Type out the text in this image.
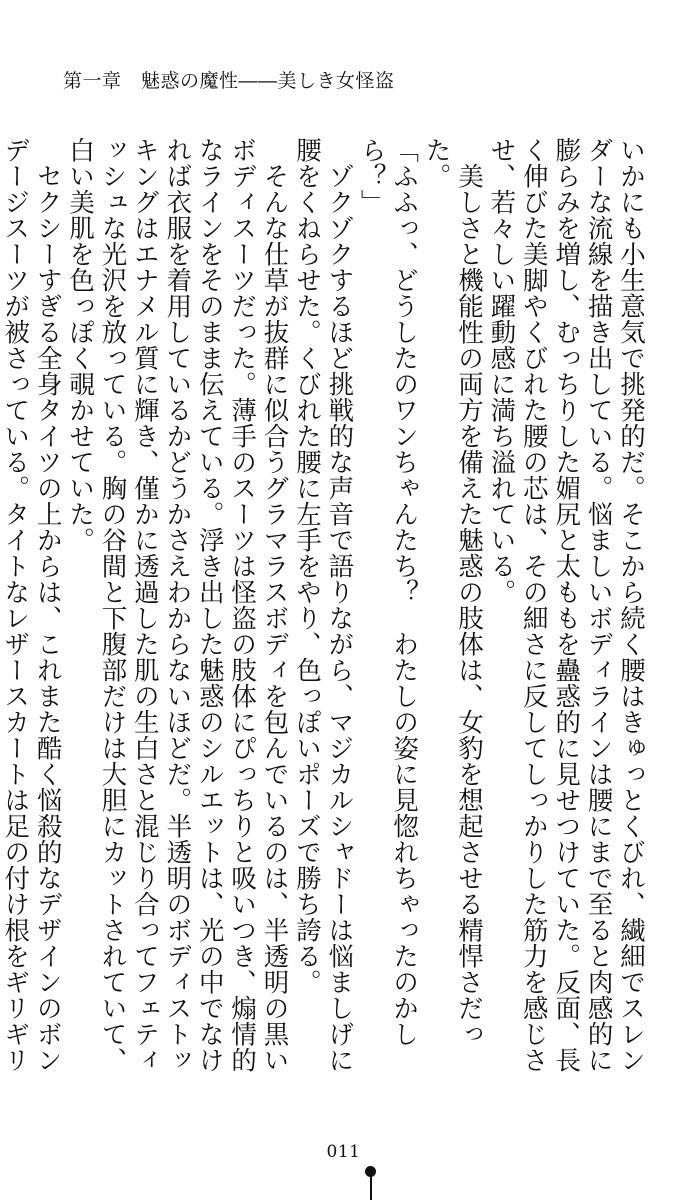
第一章　魅惑の魔性――美しき女怪盗

いかにも小生意気で挑発的だ。そこから続く腰はきゅっとくびれ、繊細でスレンダーな流線を描き出している。悩ましいボディラインは腰にまで至ると肉感的に膨らみを増し、むっちりした媚尻と太ももを蠱惑的に見せつけていた。反面、長く伸びた美脚やくびれた腰の芯は、その細さに反してしっかりした筋力を感じさせ、若々しい躍動感に満ち溢れている。

美しさと機能性の両方を備えた魅惑の肢体は、女豹を想起させる精悍さだった。

「ふふっ、どうしたのワンちゃんたち？　わたしの姿に見惚れちゃったのかしら？」

ゾクゾクするほど挑戦的な声音で語りながら、マジカルシャドーは悩ましげに腰をくねらせた。くびれた腰に左手をやり、色っぽいポーズで勝ち誇る。

そんな仕草が抜群に似合うグラマラスボディを包んでいるのは、半透明の黒いボディスーツだった。薄手のスーツは怪盗の肢体にぴっちりと吸いつき、煽情的なラインをそのまま伝えている。浮き出した魅惑のシルエットは、光の中でなければ衣服を着用しているかどうかさえわからないほどだ。半透明のボディストッキングはエナメル質に輝き、僅かに透過した肌の生白さと混じり合ってフェティッシュな光沢を放っている。胸の谷間と下腹部だけは大胆にカットされていて、白い美肌を色っぽく覗かせていた。

セクシーすぎる全身タイツの上からは、これまた酷く悩殺的なデザインのボンデージスーツが被さっている。タイトなレザースカートは足の付け根をギリギリ

011
